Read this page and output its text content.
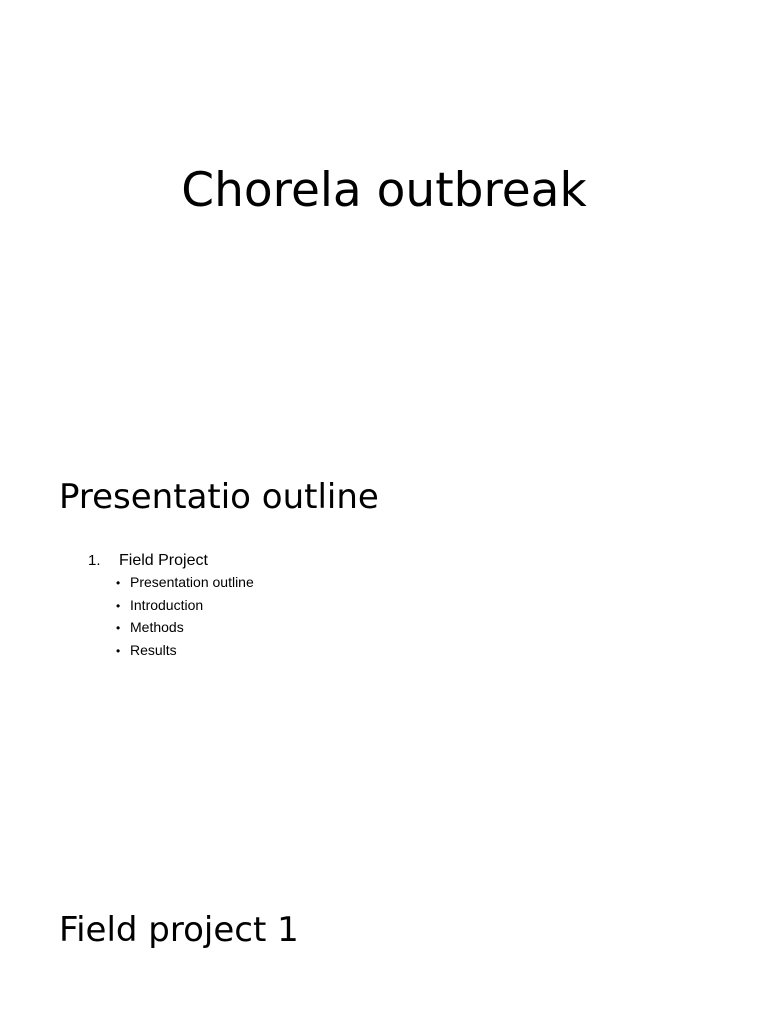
Chorela outbreak
Presentatio outline
1.	Field Project
• Presentation outline
• Introduction
• Methods
• Results
Field project 1
